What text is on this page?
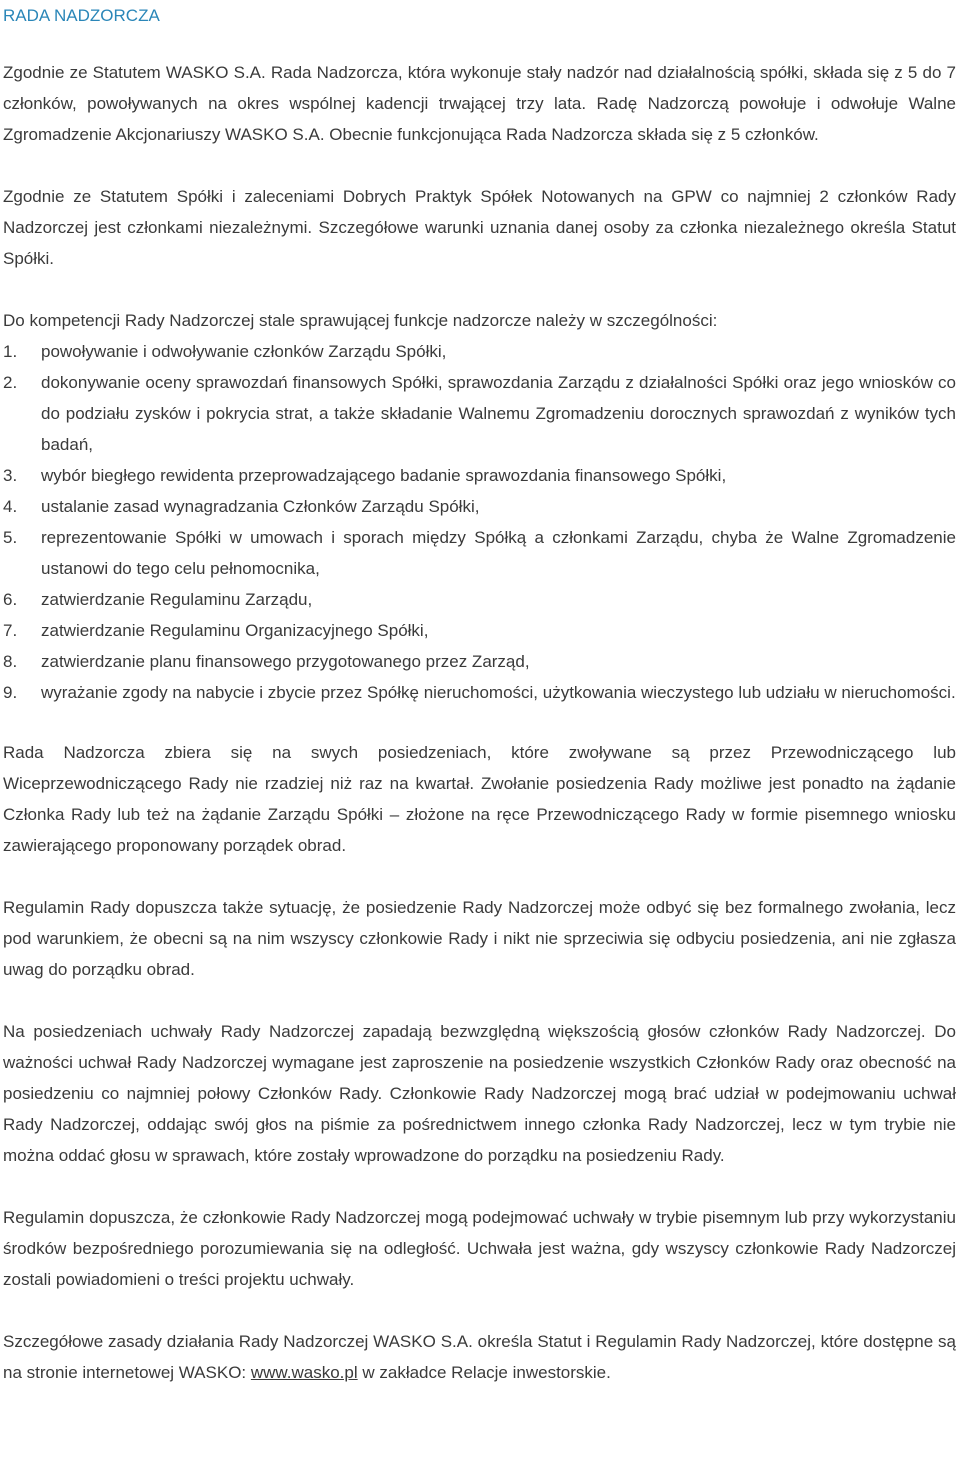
RADA NADZORCZA

Zgodnie ze Statutem WASKO S.A. Rada Nadzorcza, która wykonuje stały nadzór nad działalnością spółki, składa się z 5 do 7 członków, powoływanych na okres wspólnej kadencji trwającej trzy lata. Radę Nadzorczą powołuje i odwołuje Walne Zgromadzenie Akcjonariuszy WASKO S.A. Obecnie funkcjonująca Rada Nadzorcza składa się z 5 członków.

Zgodnie ze Statutem Spółki i zaleceniami Dobrych Praktyk Spółek Notowanych na GPW co najmniej 2 członków Rady Nadzorczej jest członkami niezależnymi. Szczegółowe warunki uznania danej osoby za członka niezależnego określa Statut Spółki.

Do kompetencji Rady Nadzorczej stale sprawującej funkcje nadzorcze należy w szczególności:

1. powoływanie i odwoływanie członków Zarządu Spółki,
2. dokonywanie oceny sprawozdań finansowych Spółki, sprawozdania Zarządu z działalności Spółki oraz jego wniosków co do podziału zysków i pokrycia strat, a także składanie Walnemu Zgromadzeniu dorocznych sprawozdań z wyników tych badań,
3. wybór biegłego rewidenta przeprowadzającego badanie sprawozdania finansowego Spółki,
4. ustalanie zasad wynagradzania Członków Zarządu Spółki,
5. reprezentowanie Spółki w umowach i sporach między Spółką a członkami Zarządu, chyba że Walne Zgromadzenie ustanowi do tego celu pełnomocnika,
6. zatwierdzanie Regulaminu Zarządu,
7. zatwierdzanie Regulaminu Organizacyjnego Spółki,
8. zatwierdzanie planu finansowego przygotowanego przez Zarząd,
9. wyrażanie zgody na nabycie i zbycie przez Spółkę nieruchomości, użytkowania wieczystego lub udziału w nieruchomości.

Rada Nadzorcza zbiera się na swych posiedzeniach, które zwoływane są przez Przewodniczącego lub Wiceprzewodniczącego Rady nie rzadziej niż raz na kwartał. Zwołanie posiedzenia Rady możliwe jest ponadto na żądanie Członka Rady lub też na żądanie Zarządu Spółki – złożone na ręce Przewodniczącego Rady w formie pisemnego wniosku zawierającego proponowany porządek obrad.

Regulamin Rady dopuszcza także sytuację, że posiedzenie Rady Nadzorczej może odbyć się bez formalnego zwołania, lecz pod warunkiem, że obecni są na nim wszyscy członkowie Rady i nikt nie sprzeciwia się odbyciu posiedzenia, ani nie zgłasza uwag do porządku obrad.

Na posiedzeniach uchwały Rady Nadzorczej zapadają bezwzględną większością głosów członków Rady Nadzorczej. Do ważności uchwał Rady Nadzorczej wymagane jest zaproszenie na posiedzenie wszystkich Członków Rady oraz obecność na posiedzeniu co najmniej połowy Członków Rady. Członkowie Rady Nadzorczej mogą brać udział w podejmowaniu uchwał Rady Nadzorczej, oddając swój głos na piśmie za pośrednictwem innego członka Rady Nadzorczej, lecz w tym trybie nie można oddać głosu w sprawach, które zostały wprowadzone do porządku na posiedzeniu Rady.

Regulamin dopuszcza, że członkowie Rady Nadzorczej mogą podejmować uchwały w trybie pisemnym lub przy wykorzystaniu środków bezpośredniego porozumiewania się na odległość. Uchwała jest ważna, gdy wszyscy członkowie Rady Nadzorczej zostali powiadomieni o treści projektu uchwały.

Szczegółowe zasady działania Rady Nadzorczej WASKO S.A. określa Statut i Regulamin Rady Nadzorczej, które dostępne są na stronie internetowej WASKO: www.wasko.pl w zakładce Relacje inwestorskie.
